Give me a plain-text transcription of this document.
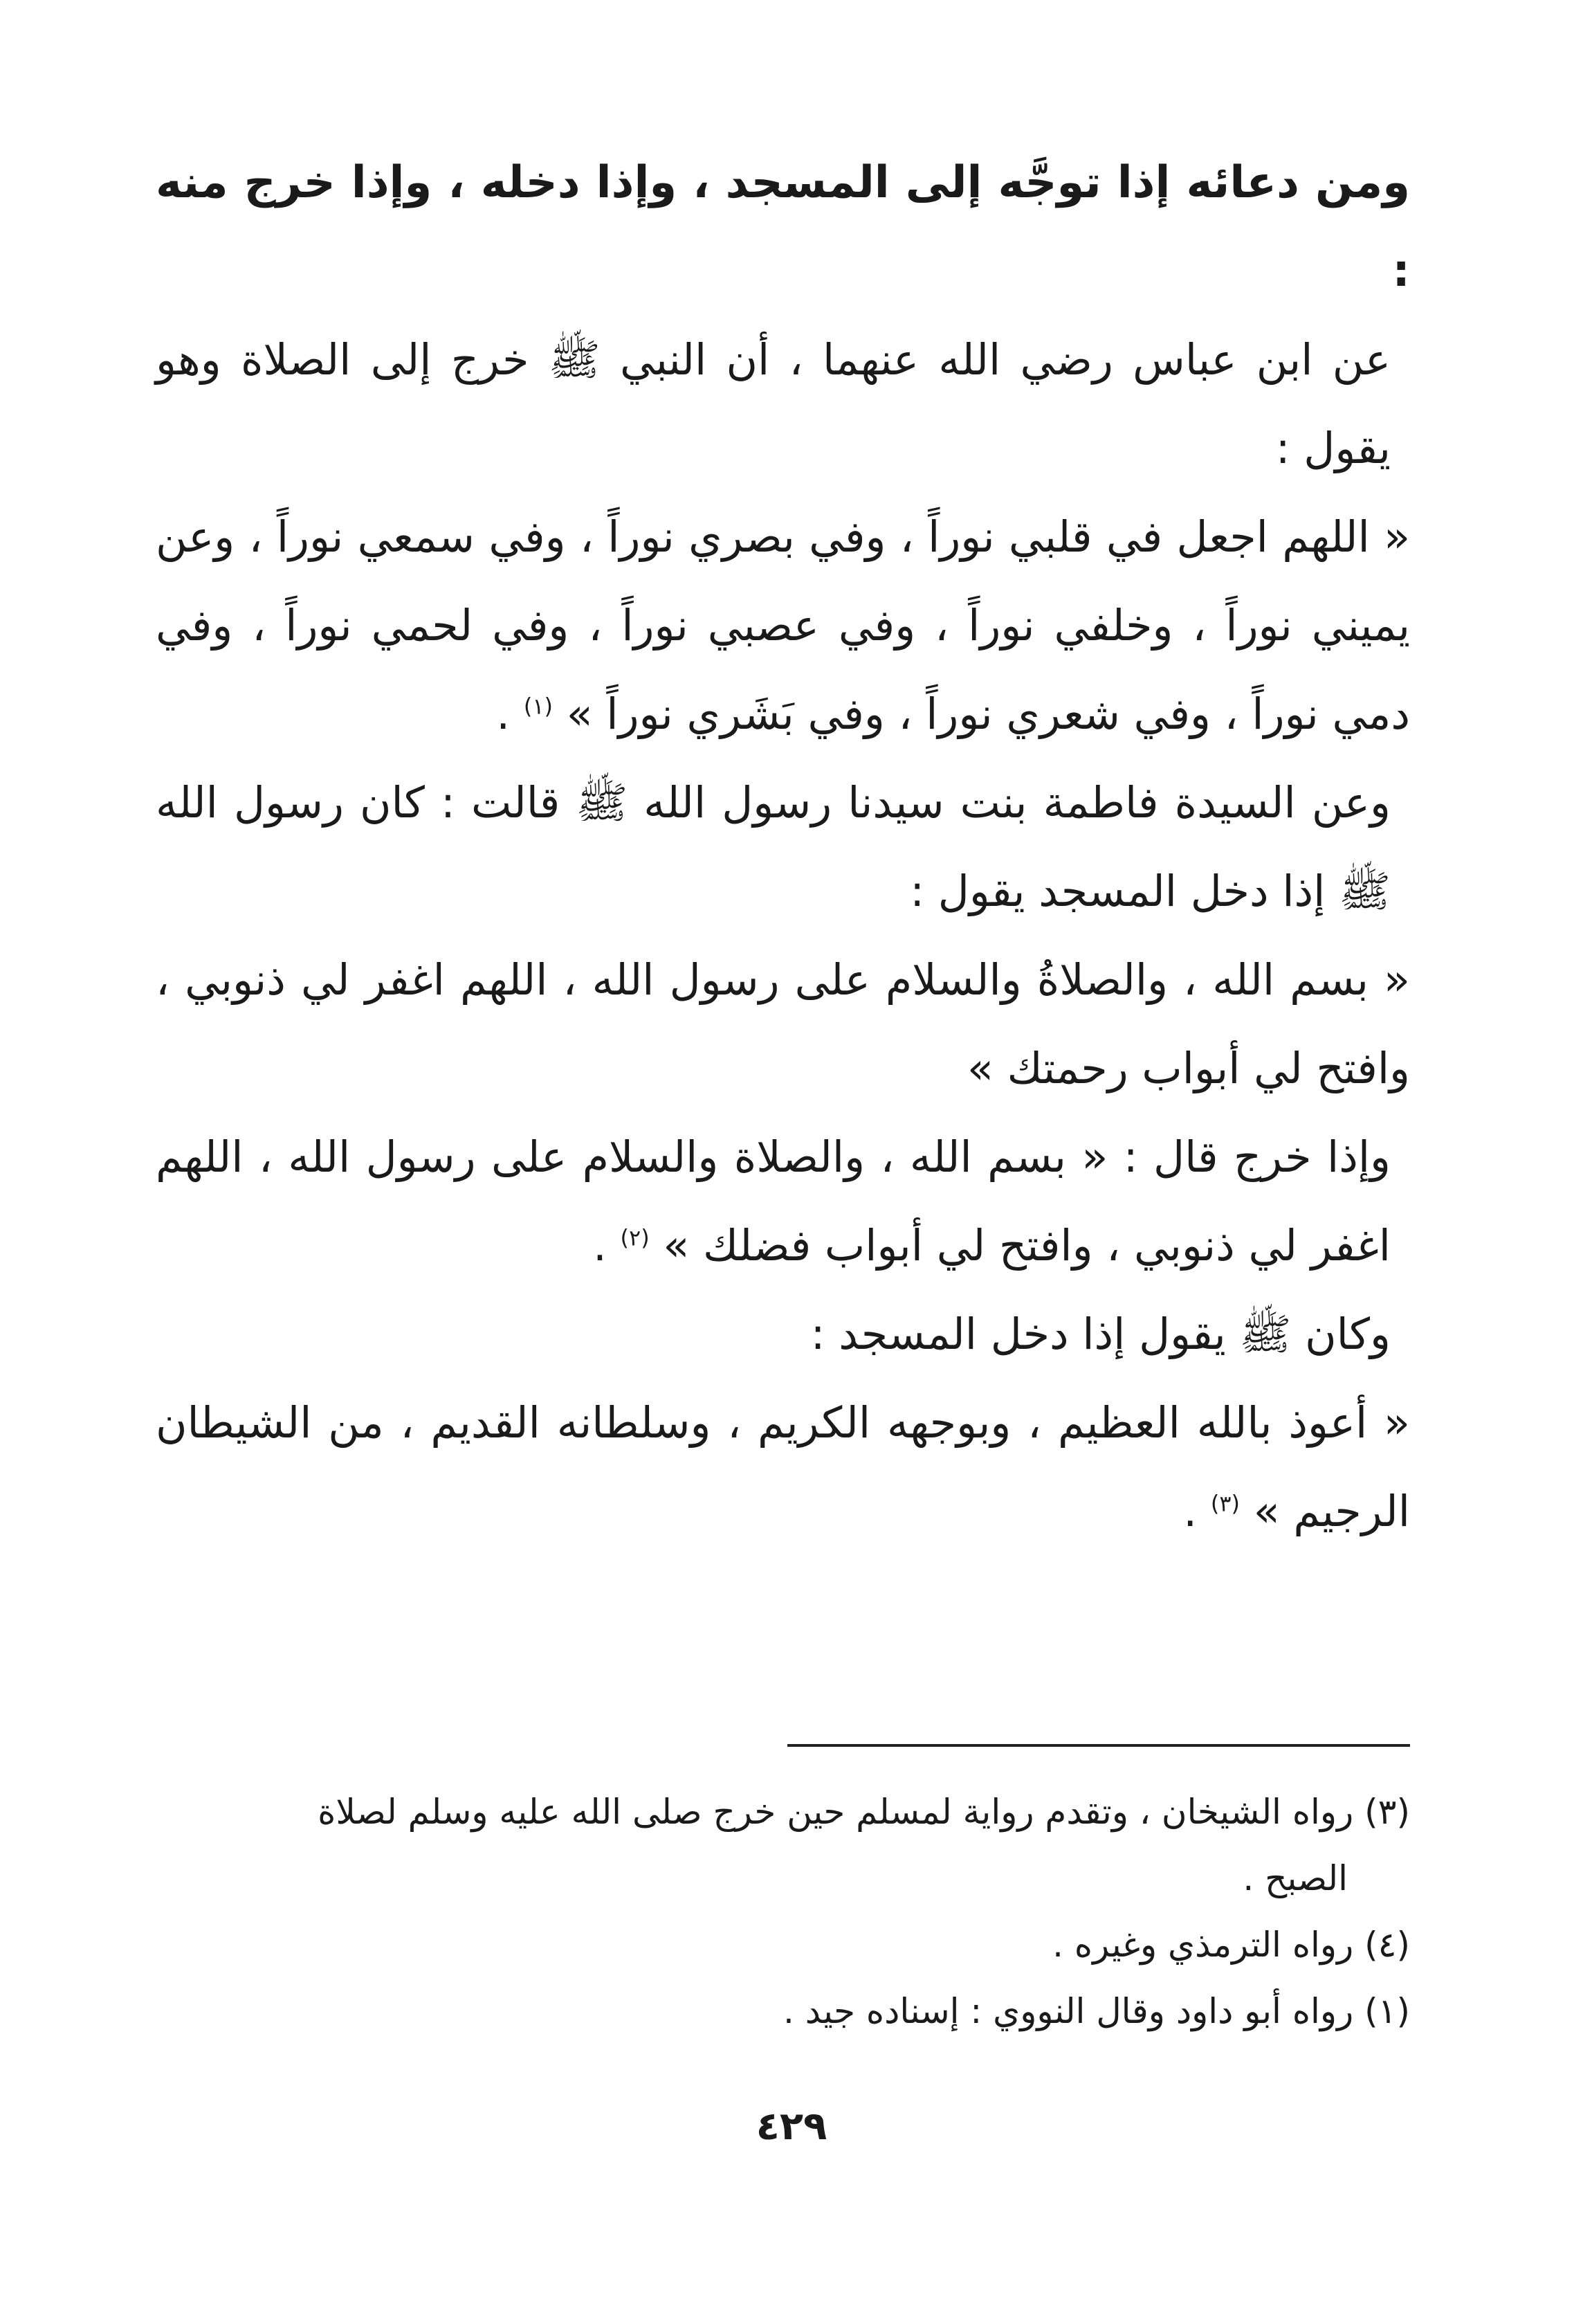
ومن دعائه إذا توجَّه إلى المسجد ، وإذا دخله ، وإذا خرج منه :

عن ابن عباس رضي الله عنهما ، أن النبي ﷺ خرج إلى الصلاة وهو يقول :

« اللهم اجعل في قلبي نوراً ، وفي بصري نوراً ، وفي سمعي نوراً ، وعن يميني نوراً ، وخلفي نوراً ، وفي عصبي نوراً ، وفي لحمي نوراً ، وفي دمي نوراً ، وفي شعري نوراً ، وفي بَشَري نوراً » $^{(١)}$ .

وعن السيدة فاطمة بنت سيدنا رسول الله ﷺ قالت : كان رسول الله ﷺ إذا دخل المسجد يقول :

« بسم الله ، والصلاةُ والسلام على رسول الله ، اللهم اغفر لي ذنوبي ، وافتح لي أبواب رحمتك »

وإذا خرج قال : « بسم الله ، والصلاة والسلام على رسول الله ، اللهم اغفر لي ذنوبي ، وافتح لي أبواب فضلك » $^{(٢)}$ .

وكان ﷺ يقول إذا دخل المسجد :

« أعوذ بالله العظيم ، وبوجهه الكريم ، وسلطانه القديم ، من الشيطان الرجيم » $^{(٣)}$ .

(٣) رواه الشيخان ، وتقدم رواية لمسلم حين خرج صلى الله عليه وسلم لصلاة

الصبح .

(٤) رواه الترمذي وغيره .

(١) رواه أبو داود وقال النووي : إسناده جيد .

٤٢٩
